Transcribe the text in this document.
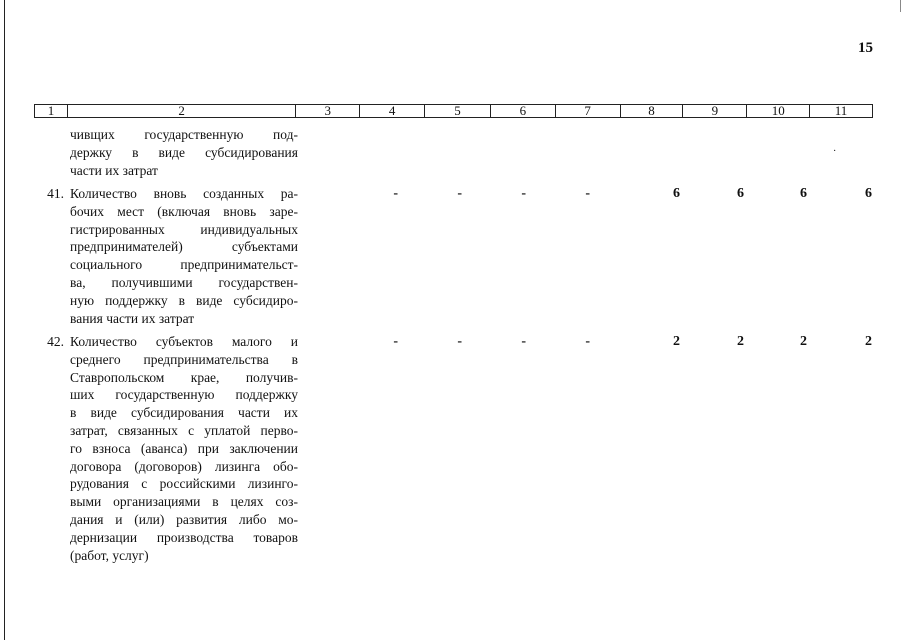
15
1	2	3	4	5	6	7	8	9	10	11
чивщих государственную под-
держку в виде субсидирования
части их затрат
·
41. Количество вновь созданных ра-
бочих мест (включая вновь заре-
гистрированных индивидуальных
предпринимателей) субъектами
социального предпринимательст-
ва, получившими государствен-
ную поддержку в виде субсидиро-
вания части их затрат
-	-	-	-	6	6	6	6
42. Количество субъектов малого и
среднего предпринимательства в
Ставропольском крае, получив-
ших государственную поддержку
в виде субсидирования части их
затрат, связанных с уплатой перво-
го взноса (аванса) при заключении
договора (договоров) лизинга обо-
рудования с российскими лизинго-
выми организациями в целях соз-
дания и (или) развития либо мо-
дернизации производства товаров
(работ, услуг)
-	-	-	-	2	2	2	2
